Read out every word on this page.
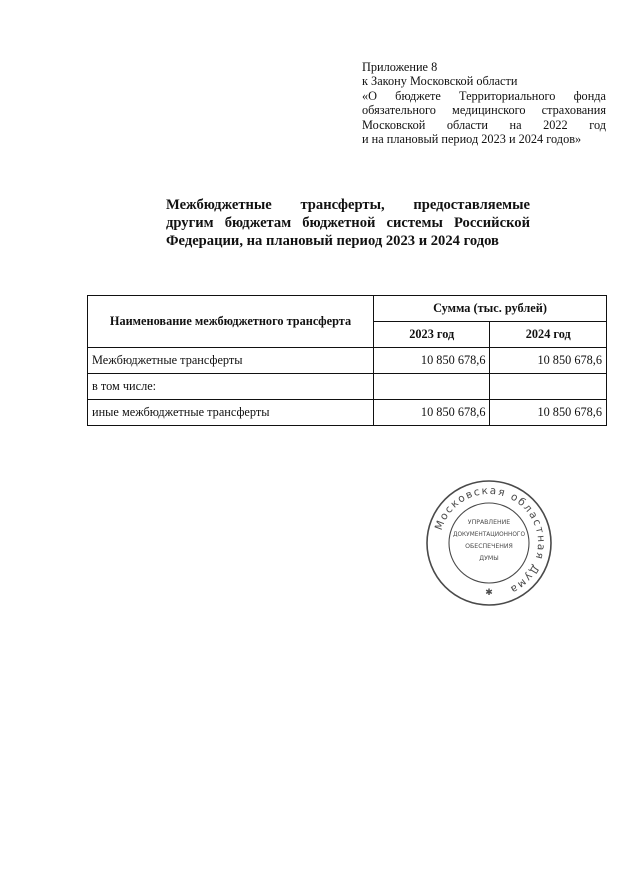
Приложение 8
к Закону Московской области
«О бюджете Территориального фонда
обязательного медицинского страхования
Московской области на 2022 год
и на плановый период 2023 и 2024 годов»
Межбюджетные трансферты, предоставляемые
другим бюджетам бюджетной системы Российской
Федерации, на плановый период 2023 и 2024 годов
Наименование межбюджетного трансферта	Сумма (тыс. рублей)	
	2023 год	2024 год
Межбюджетные трансферты	10 850 678,6	10 850 678,6
в том числе:		
иные межбюджетные трансферты	10 850 678,6	10 850 678,6
Московская областная Дума
УПРАВЛЕНИЕ
ДОКУМЕНТАЦИОННОГО
ОБЕСПЕЧЕНИЯ
ДУМЫ
✱
